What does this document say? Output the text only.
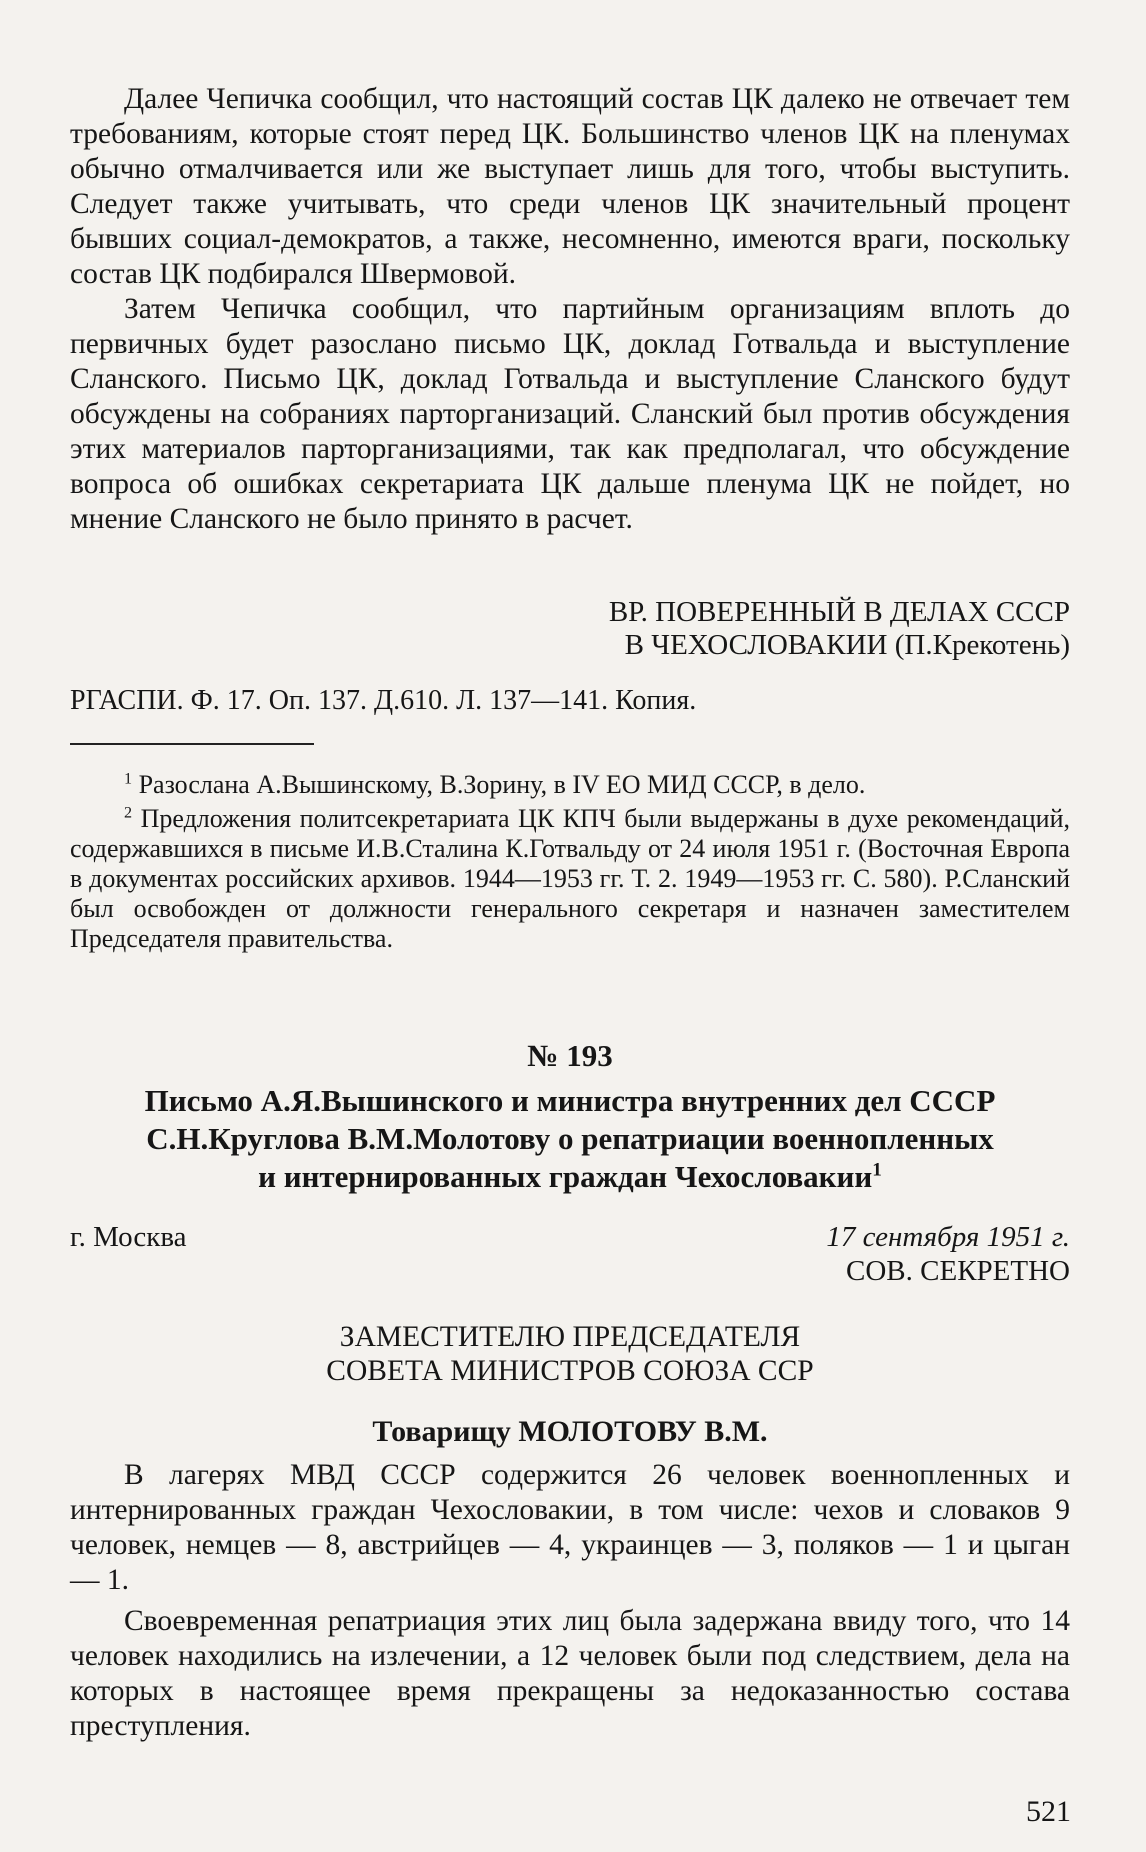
Далее Чепичка сообщил, что настоящий состав ЦК далеко не отвечает тем требованиям, которые стоят перед ЦК. Большинство членов ЦК на пленумах обычно отмалчивается или же выступает лишь для того, чтобы выступить. Следует также учитывать, что среди членов ЦК значительный процент бывших социал-демократов, а также, несомненно, имеются враги, поскольку состав ЦК подбирался Швермовой.

Затем Чепичка сообщил, что партийным организациям вплоть до первичных будет разослано письмо ЦК, доклад Готвальда и выступление Сланского. Письмо ЦК, доклад Готвальда и выступление Сланского будут обсуждены на собраниях парторганизаций. Сланский был против обсуждения этих материалов парторганизациями, так как предполагал, что обсуждение вопроса об ошибках секретариата ЦК дальше пленума ЦК не пойдет, но мнение Сланского не было принято в расчет.

ВР. ПОВЕРЕННЫЙ В ДЕЛАХ СССР

В ЧЕХОСЛОВАКИИ (П.Крекотень)

РГАСПИ. Ф. 17. Оп. 137. Д.610. Л. 137—141. Копия.

$^1$ Разослана А.Вышинскому, В.Зорину, в IV ЕО МИД СССР, в дело.

$^2$ Предложения политсекретариата ЦК КПЧ были выдержаны в духе рекомендаций, содержавшихся в письме И.В.Сталина К.Готвальду от 24 июля 1951 г. (Восточная Европа в документах российских архивов. 1944—1953 гг. Т. 2. 1949—1953 гг. С. 580). Р.Сланский был освобожден от должности генерального секретаря и назначен заместителем Председателя правительства.

№ 193

Письмо А.Я.Вышинского и министра внутренних дел СССР

С.Н.Круглова В.М.Молотову о репатриации военнопленных

и интернированных граждан Чехословакии$^1$

г. Москва	17 сентября 1951 г.

СОВ. СЕКРЕТНО

ЗАМЕСТИТЕЛЮ ПРЕДСЕДАТЕЛЯ

СОВЕТА МИНИСТРОВ СОЮЗА ССР

Товарищу МОЛОТОВУ В.М.

В лагерях МВД СССР содержится 26 человек военнопленных и интернированных граждан Чехословакии, в том числе: чехов и словаков 9 человек, немцев — 8, австрийцев — 4, украинцев — 3, поляков — 1 и цыган — 1.

Своевременная репатриация этих лиц была задержана ввиду того, что 14 человек находились на излечении, а 12 человек были под следствием, дела на которых в настоящее время прекращены за недоказанностью состава преступления.

521
